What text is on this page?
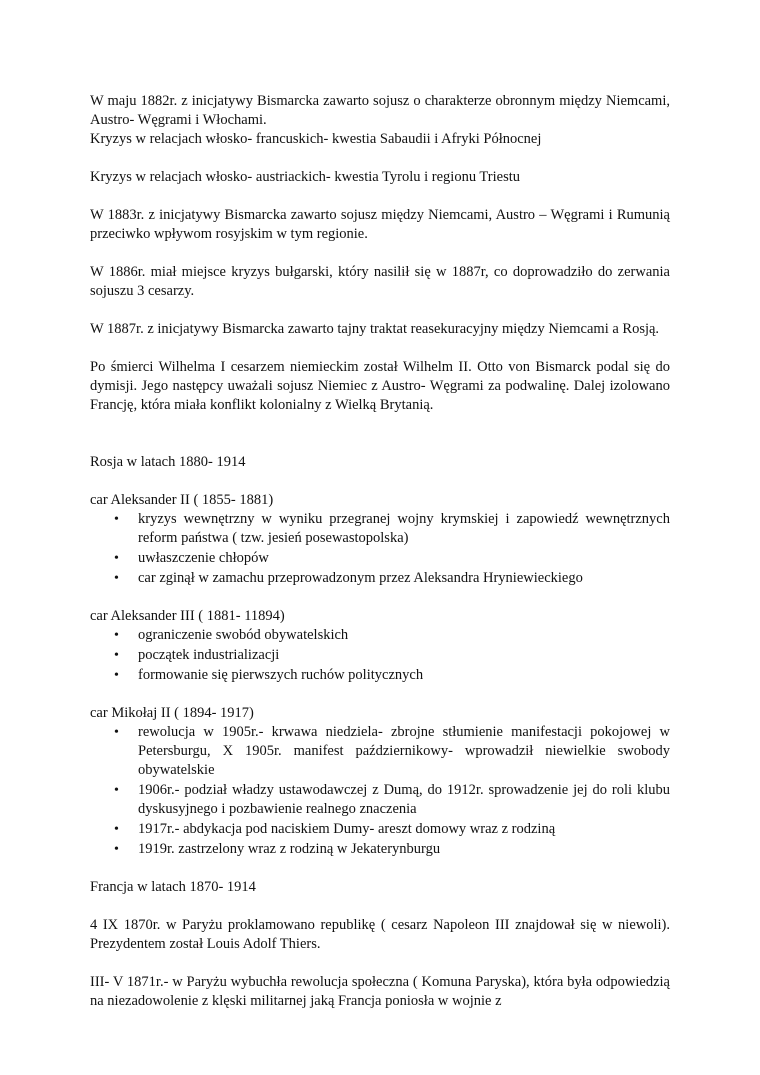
W maju 1882r. z inicjatywy Bismarcka zawarto sojusz o charakterze obronnym między Niemcami, Austro- Węgrami i Włochami.

Kryzys w relacjach włosko- francuskich- kwestia Sabaudii i Afryki Północnej

Kryzys w relacjach włosko- austriackich- kwestia Tyrolu i regionu Triestu

W 1883r. z inicjatywy Bismarcka zawarto sojusz między Niemcami, Austro – Węgrami i Rumunią przeciwko wpływom rosyjskim w tym regionie.

W 1886r. miał miejsce kryzys bułgarski, który nasilił się w 1887r, co doprowadziło do zerwania sojuszu 3 cesarzy.

W 1887r. z inicjatywy Bismarcka zawarto tajny traktat reasekuracyjny między Niemcami a Rosją.

Po śmierci Wilhelma I cesarzem niemieckim został Wilhelm II. Otto von Bismarck podal się do dymisji. Jego następcy uważali sojusz Niemiec z Austro- Węgrami za podwalinę. Dalej izolowano Francję, która miała konflikt kolonialny z Wielką Brytanią.

Rosja w latach 1880- 1914

car Aleksander II ( 1855- 1881)

• kryzys wewnętrzny w wyniku przegranej wojny krymskiej i zapowiedź wewnętrznych reform państwa ( tzw. jesień posewastopolska)
• uwłaszczenie chłopów
• car zginął w zamachu przeprowadzonym przez Aleksandra Hryniewieckiego

car Aleksander III ( 1881- 11894)

• ograniczenie swobód obywatelskich
• początek industrializacji
• formowanie się pierwszych ruchów politycznych

car Mikołaj II ( 1894- 1917)

• rewolucja w 1905r.- krwawa niedziela- zbrojne stłumienie manifestacji pokojowej w Petersburgu, X 1905r. manifest październikowy- wprowadził niewielkie swobody obywatelskie
• 1906r.- podział władzy ustawodawczej z Dumą, do 1912r. sprowadzenie jej do roli klubu dyskusyjnego i pozbawienie realnego znaczenia
• 1917r.- abdykacja pod naciskiem Dumy- areszt domowy wraz z rodziną
• 1919r. zastrzelony wraz z rodziną w Jekaterynburgu

Francja w latach 1870- 1914

4 IX 1870r. w Paryżu proklamowano republikę ( cesarz Napoleon III znajdował się w niewoli). Prezydentem został Louis Adolf Thiers.

III- V 1871r.- w Paryżu wybuchła rewolucja społeczna ( Komuna Paryska), która była odpowiedzią na niezadowolenie z klęski militarnej jaką Francja poniosła w wojnie z
